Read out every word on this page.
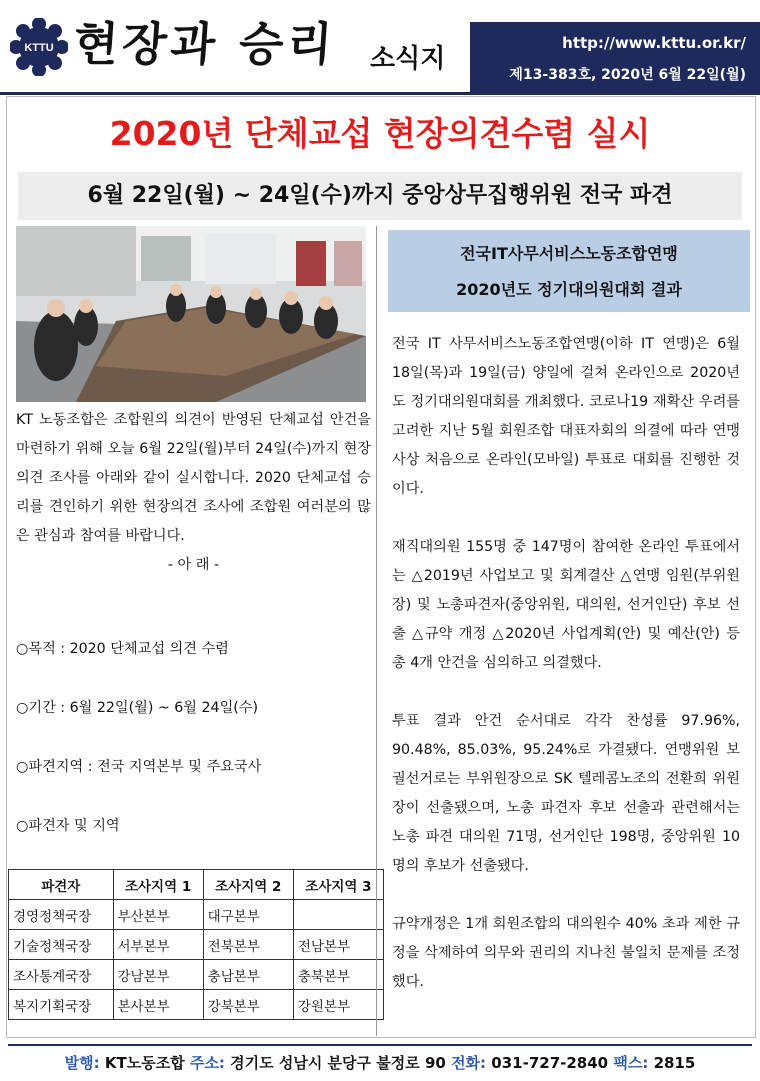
KTTU 현장과 승리 소식지
http://www.kttu.or.kr/
제13-383호, 2020년 6월 22일(월)
2020년 단체교섭 현장의견수렴 실시
6월 22일(월) ~ 24일(수)까지 중앙상무집행위원 전국 파견

KT 노동조합은 조합원의 의견이 반영된 단체교섭 안건을 마련하기 위해 오늘 6월 22일(월)부터 24일(수)까지 현장의견 조사를 아래와 같이 실시합니다. 2020 단체교섭 승리를 견인하기 위한 현장의견 조사에 조합원 여러분의 많은 관심과 참여를 바랍니다.

- 아 래 -

○목적 : 2020 단체교섭 의견 수렴
○기간 : 6월 22일(월) ~ 6월 24일(수)
○파견지역 : 전국 지역본부 및 주요국사
○파견자 및 지역
파견자	조사지역 1	조사지역 2	조사지역 3
경영정책국장	부산본부	대구본부	
기술정책국장	서부본부	전북본부	전남본부
조사통계국장	강남본부	충남본부	충북본부
복지기획국장	본사본부	강북본부	강원본부
전국IT사무서비스노동조합연맹
2020년도 정기대의원대회 결과

전국 IT 사무서비스노동조합연맹(이하 IT 연맹)은 6월 18일(목)과 19일(금) 양일에 걸쳐 온라인으로 2020년도 정기대의원대회를 개최했다. 코로나19 재확산 우려를 고려한 지난 5월 회원조합 대표자회의 의결에 따라 연맹 사상 처음으로 온라인(모바일) 투표로 대회를 진행한 것이다.

재직대의원 155명 중 147명이 참여한 온라인 투표에서는 △2019년 사업보고 및 회계결산 △연맹 임원(부위원장) 및 노총파견자(중앙위원, 대의원, 선거인단) 후보 선출 △규약 개정 △2020년 사업계획(안) 및 예산(안) 등 총 4개 안건을 심의하고 의결했다.

투표 결과 안건 순서대로 각각 찬성률 97.96%, 90.48%, 85.03%, 95.24%로 가결됐다. 연맹위원 보궐선거로는 부위원장으로 SK 텔레콤노조의 전환희 위원장이 선출됐으며, 노총 파견자 후보 선출과 관련해서는 노총 파견 대의원 71명, 선거인단 198명, 중앙위원 10명의 후보가 선출됐다.

규약개정은 1개 회원조합의 대의원수 40% 초과 제한 규정을 삭제하여 의무와 권리의 지나친 불일치 문제를 조정했다.

발행: KT노동조합 주소: 경기도 성남시 분당구 불정로 90 전화: 031-727-2840 팩스: 2815
